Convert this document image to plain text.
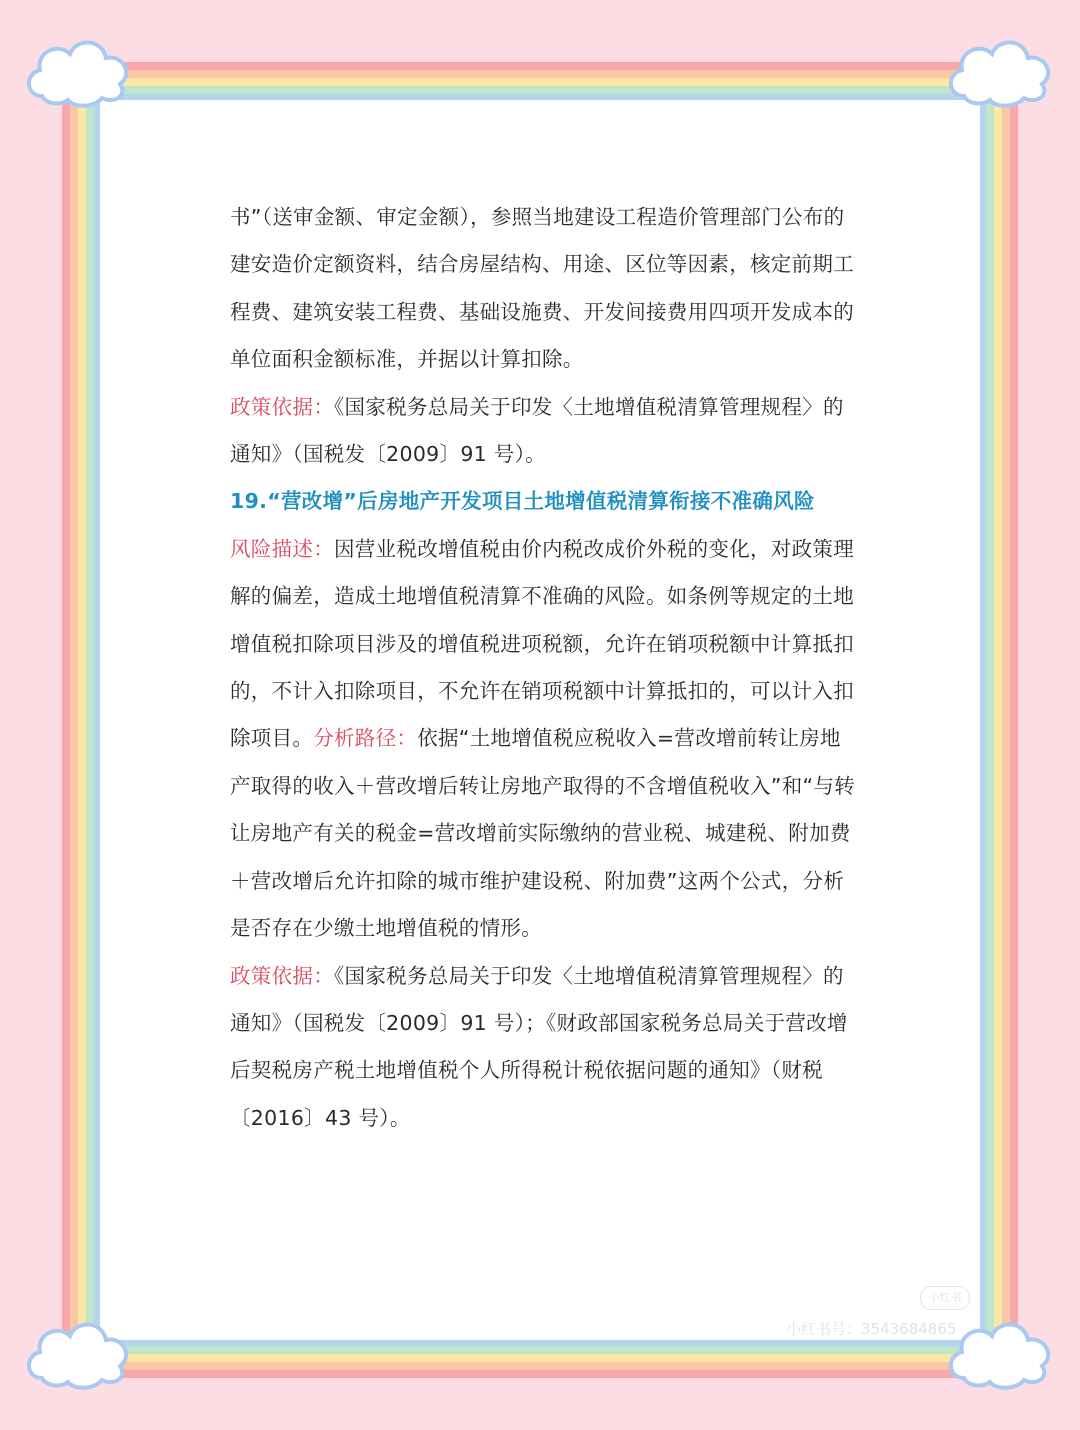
书”（送审金额、审定金额），参照当地建设工程造价管理部门公布的建安造价定额资料，结合房屋结构、用途、区位等因素，核定前期工程费、建筑安装工程费、基础设施费、开发间接费用四项开发成本的单位面积金额标准，并据以计算扣除。

政策依据：《国家税务总局关于印发〈土地增值税清算管理规程〉的通知》（国税发〔2009〕91 号）。

19.“营改增”后房地产开发项目土地增值税清算衔接不准确风险

风险描述：因营业税改增值税由价内税改成价外税的变化，对政策理解的偏差，造成土地增值税清算不准确的风险。如条例等规定的土地增值税扣除项目涉及的增值税进项税额，允许在销项税额中计算抵扣的，不计入扣除项目，不允许在销项税额中计算抵扣的，可以计入扣除项目。分析路径：依据“土地增值税应税收入=营改增前转让房地产取得的收入＋营改增后转让房地产取得的不含增值税收入”和“与转让房地产有关的税金=营改增前实际缴纳的营业税、城建税、附加费＋营改增后允许扣除的城市维护建设税、附加费”这两个公式，分析是否存在少缴土地增值税的情形。

政策依据：《国家税务总局关于印发〈土地增值税清算管理规程〉的通知》（国税发〔2009〕91 号）；《财政部国家税务总局关于营改增后契税房产税土地增值税个人所得税计税依据问题的通知》（财税〔2016〕43 号）。

小红书
小红书号：3543684865
